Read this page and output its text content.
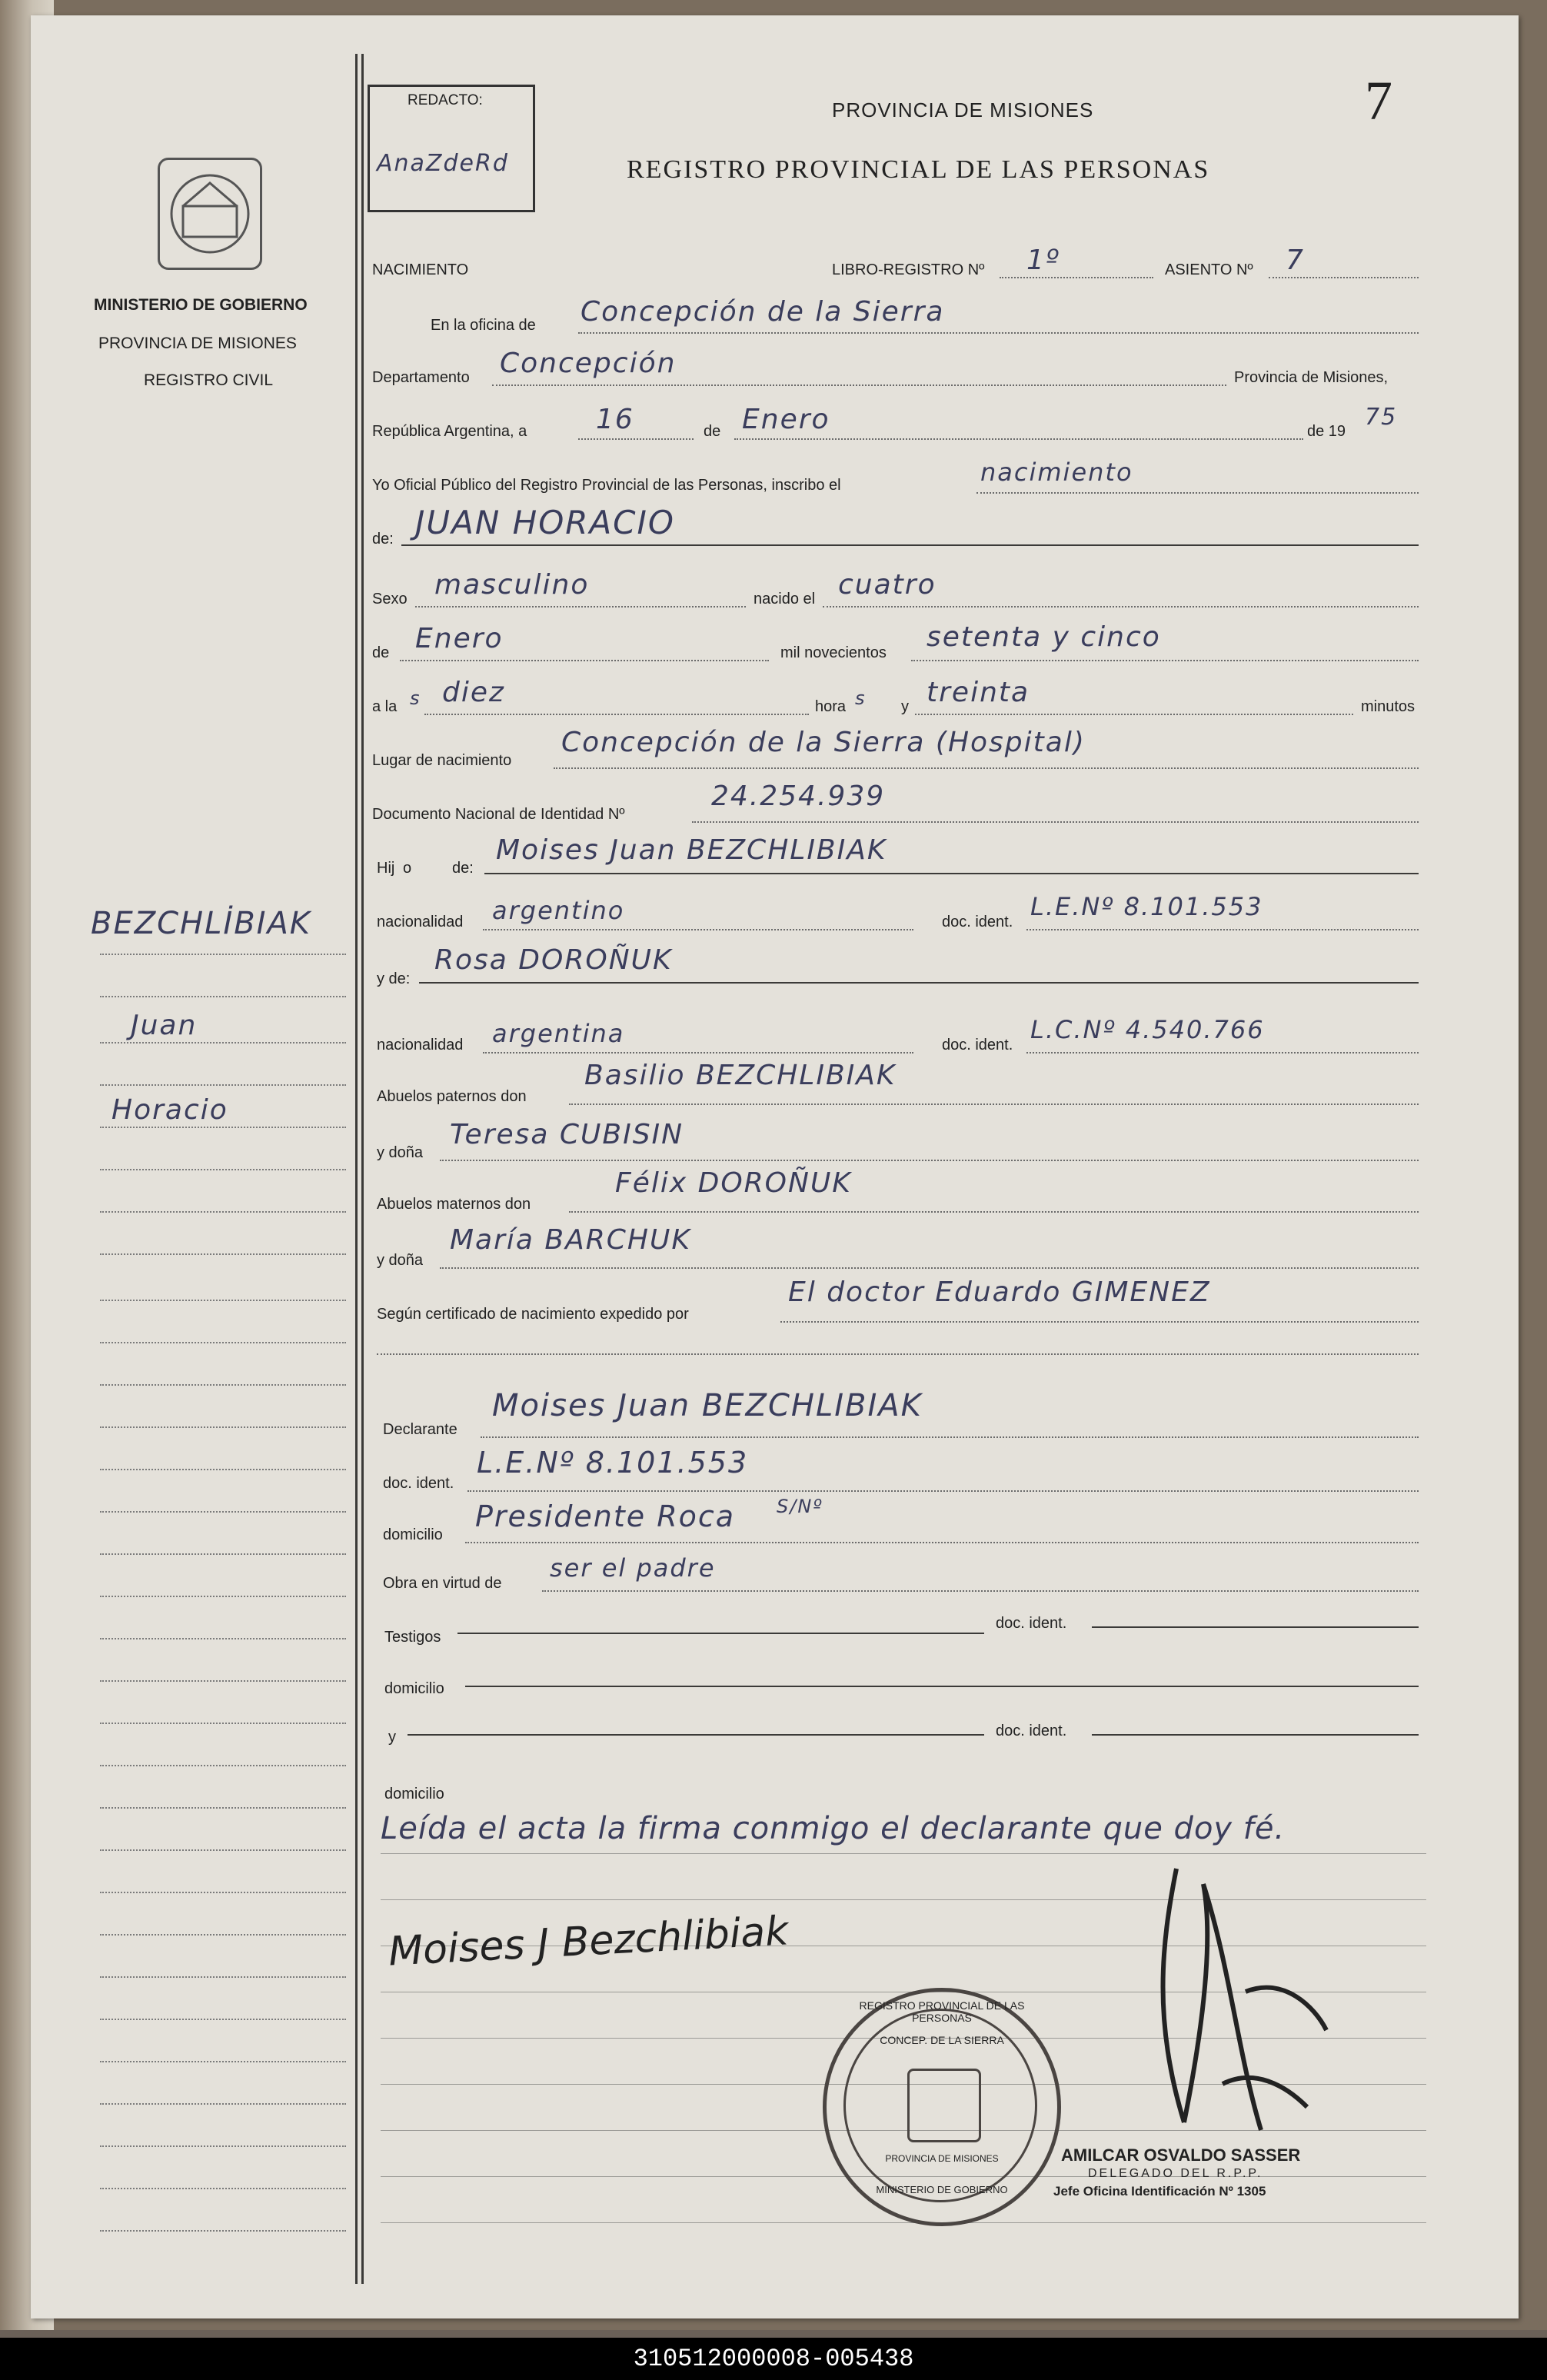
MINISTERIO DE GOBIERNO
PROVINCIA DE MISIONES
REGISTRO CIVIL
BEZCHLİBIAK
Juan
Horacio
REDACTO:
AnaZdeRd
7
PROVINCIA DE MISIONES
REGISTRO PROVINCIAL DE LAS PERSONAS
NACIMIENTO	LIBRO-REGISTRO Nº 1º	ASIENTO Nº 7
En la oficina de Concepción de la Sierra
Departamento Concepción	Provincia de Misiones,
República Argentina, a 16	de Enero	de 19
75
Yo Oficial Público del Registro Provincial de las Personas, inscribo el	nacimiento
de: JUAN HORACIO
Sexo masculino	nacido el cuatro
de Enero	mil novecientos setenta y cinco
a la s diez	hora s y treinta	minutos
Lugar de nacimiento
Concepción de la Sierra (Hospital)
Documento Nacional de Identidad Nº
24.254.939
Hij o	de:
Moises Juan BEZCHLIBIAK
nacionalidad argentino	doc. ident.
L.E.Nº 8.101.553
y de:
Rosa DOROÑUK
nacionalidad argentina	doc. ident.
L.C.Nº 4.540.766
Abuelos paternos don
Basilio BEZCHLIBIAK
y doña
Teresa CUBISIN
Abuelos maternos don
Félix DOROÑUK
y doña
María BARCHUK
Según certificado de nacimiento expedido por
El doctor Eduardo GIMENEZ
Declarante
Moises Juan BEZCHLIBIAK
doc. ident.
L.E.Nº 8.101.553
domicilio
Presidente Roca S/Nº
Obra en virtud de
ser el padre
Testigos
doc. ident.
domicilio
y	doc. ident.
domicilio
Leída el acta la firma conmigo el declarante que doy fé.
Moises J Bezchlibiak
REGISTRO PROVINCIAL DE LAS PERSONAS
CONCEP. DE LA SIERRA
PROVINCIA DE MISIONES
MINISTERIO DE GOBIERNO
AMILCAR OSVALDO SASSER
DELEGADO DEL R.P.P.
Jefe Oficina Identificación Nº 1305
310512000008-005438
